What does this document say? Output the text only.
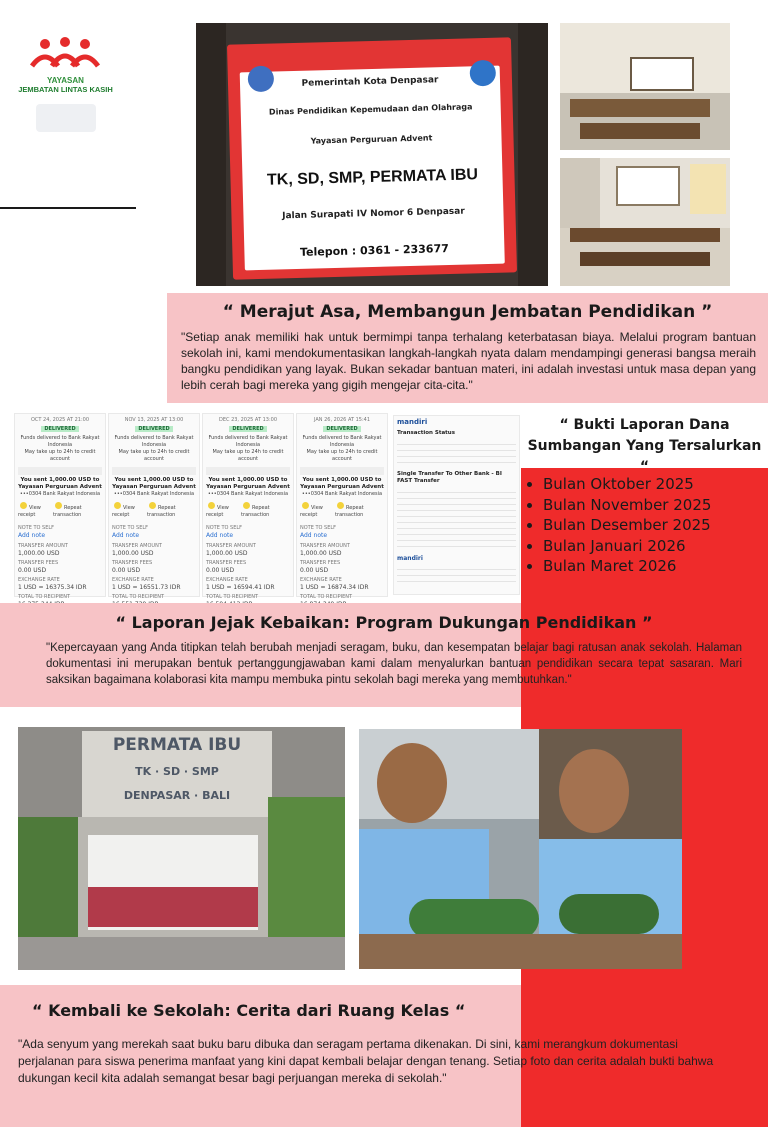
YAYASAN
JEMBATAN LINTAS KASIH
Pemerintah Kota Denpasar
Dinas Pendidikan Kepemudaan dan Olahraga
Yayasan Perguruan Advent
TK, SD, SMP, PERMATA IBU
Jalan Surapati IV Nomor 6 Denpasar
Telepon : 0361 - 233677
“ Merajut Asa, Membangun Jembatan Pendidikan ”
"Setiap anak memiliki hak untuk bermimpi tanpa terhalang keterbatasan biaya. Melalui program bantuan sekolah ini, kami mendokumentasikan langkah-langkah nyata dalam mendampingi generasi bangsa meraih bangku pendidikan yang layak. Bukan sekadar bantuan materi, ini adalah investasi untuk masa depan yang lebih cerah bagi mereka yang gigih mengejar cita-cita."
OCT 24, 2025 AT 21:00
DELIVERED
Funds delivered to Bank Rakyat Indonesia
May take up to 24h to credit account
You sent 1,000.00 USD to Yayasan Perguruan Advent
•••0304 Bank Rakyat Indonesia
View receipt
Repeat transaction
NOTE TO SELF
Add note
TRANSFER AMOUNT
1,000.00 USD
TRANSFER FEES
0.00 USD
EXCHANGE RATE
1 USD = 16375.34 IDR
TOTAL TO RECIPIENT
NOV 13, 2025 AT 13:00
DELIVERED
Funds delivered to Bank Rakyat Indonesia
May take up to 24h to credit account
You sent 1,000.00 USD to Yayasan Perguruan Advent
•••0304 Bank Rakyat Indonesia
View receipt
Repeat transaction
NOTE TO SELF
Add note
TRANSFER AMOUNT
1,000.00 USD
TRANSFER FEES
0.00 USD
EXCHANGE RATE
1 USD = 16551.73 IDR
TOTAL TO RECIPIENT
DEC 23, 2025 AT 13:00
DELIVERED
Funds delivered to Bank Rakyat Indonesia
May take up to 24h to credit account
You sent 1,000.00 USD to Yayasan Perguruan Advent
•••0304 Bank Rakyat Indonesia
View receipt
Repeat transaction
NOTE TO SELF
Add note
TRANSFER AMOUNT
1,000.00 USD
TRANSFER FEES
0.00 USD
EXCHANGE RATE
1 USD = 16594.41 IDR
TOTAL TO RECIPIENT
JAN 26, 2026 AT 15:41
DELIVERED
Funds delivered to Bank Rakyat Indonesia
May take up to 24h to credit account
You sent 1,000.00 USD to Yayasan Perguruan Advent
•••0304 Bank Rakyat Indonesia
View receipt
Repeat transaction
NOTE TO SELF
Add note
TRANSFER AMOUNT
1,000.00 USD
TRANSFER FEES
0.00 USD
EXCHANGE RATE
1 USD = 16874.34 IDR
TOTAL TO RECIPIENT
mandiri
Transaction Status
Single Transfer To Other Bank - BI FAST Transfer
mandiri
“ Bukti Laporan Dana
Sumbangan Yang Tersalurkan “
• Bulan Oktober 2025
• Bulan November 2025
• Bulan Desember 2025
• Bulan Januari 2026
• Bulan Maret 2026
“ Laporan Jejak Kebaikan: Program Dukungan Pendidikan ”
"Kepercayaan yang Anda titipkan telah berubah menjadi seragam, buku, dan kesempatan belajar bagi ratusan anak sekolah. Halaman dokumentasi ini merupakan bentuk pertanggungjawaban kami dalam menyalurkan bantuan pendidikan secara tepat sasaran. Mari saksikan bagaimana kolaborasi kita mampu membuka pintu sekolah bagi mereka yang membutuhkan."
PERMATA IBU
TK · SD · SMP
DENPASAR · BALI
“ Kembali ke Sekolah: Cerita dari Ruang Kelas “
"Ada senyum yang merekah saat buku baru dibuka dan seragam pertama dikenakan. Di sini, kami merangkum dokumentasi perjalanan para siswa penerima manfaat yang kini dapat kembali belajar dengan tenang. Setiap foto dan cerita adalah bukti bahwa dukungan kecil kita adalah semangat besar bagi perjuangan mereka di sekolah."
